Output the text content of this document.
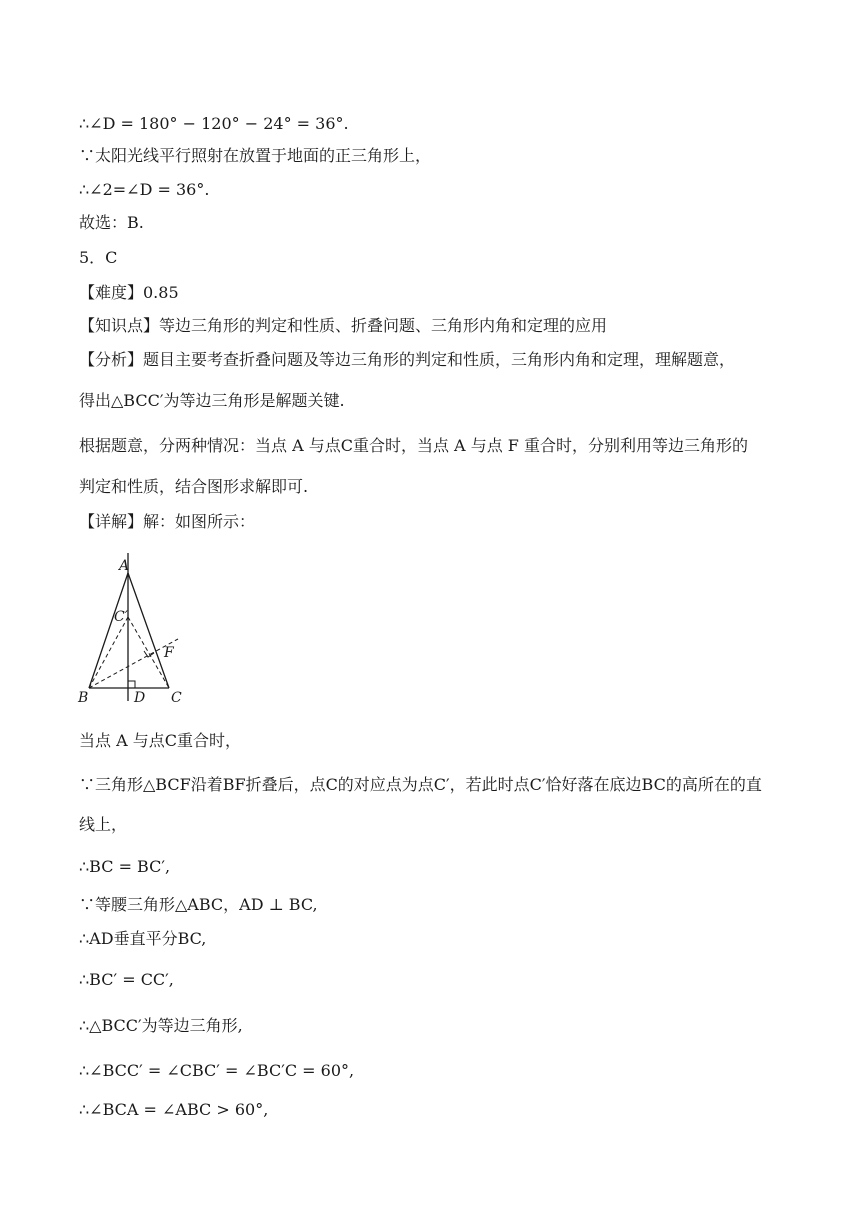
∴∠D = 180° − 120° − 24° = 36°.
∵太阳光线平行照射在放置于地面的正三角形上，
∴∠2=∠D = 36°.
故选：B.
5．C
【难度】0.85
【知识点】等边三角形的判定和性质、折叠问题、三角形内角和定理的应用
【分析】题目主要考查折叠问题及等边三角形的判定和性质，三角形内角和定理，理解题意，
得出△BCC′为等边三角形是解题关键.
根据题意，分两种情况：当点 A 与点C重合时，当点 A 与点 F 重合时，分别利用等边三角形的
判定和性质，结合图形求解即可.
【详解】解：如图所示：
A
C′
F
B	D C
当点 A 与点C重合时，
∵三角形△BCF沿着BF折叠后，点C的对应点为点C′，若此时点C′恰好落在底边BC的高所在的直
线上，
∴BC = BC′,
∵等腰三角形△ABC，AD ⊥ BC,
∴AD垂直平分BC,
∴BC′ = CC′,
∴△BCC′为等边三角形,
∴∠BCC′ = ∠CBC′ = ∠BC′C = 60°,
∴∠BCA = ∠ABC > 60°,
